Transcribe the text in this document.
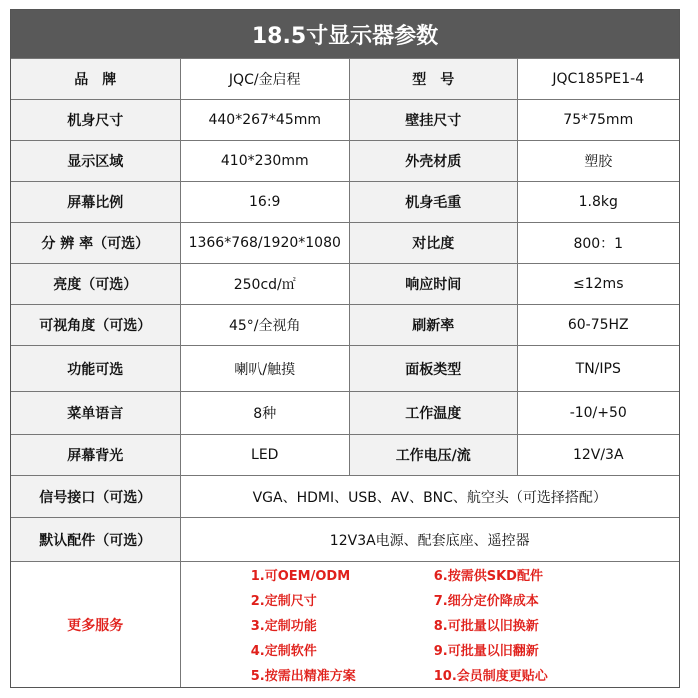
18.5寸显示器参数
品　牌	JQC/金启程	型　号	JQC185PE1-4
机身尺寸	440*267*45mm	壁挂尺寸	75*75mm
显示区域	410*230mm	外壳材质	塑胶
屏幕比例	16:9	机身毛重	1.8kg
分 辨 率（可选）	1366*768/1920*1080	对比度	800：1
亮度（可选）	250cd/㎡	响应时间	≤12ms
可视角度（可选）	45°/全视角	刷新率	60-75HZ
功能可选	喇叭/触摸	面板类型	TN/IPS
菜单语言	8种	工作温度	-10/+50
屏幕背光	LED	工作电压/流	12V/3A
信号接口（可选）	VGA、HDMI、USB、AV、BNC、航空头（可选择搭配）
默认配件（可选）	12V3A电源、配套底座、遥控器
更多服务
1.可OEM/ODM	6.按需供SKD配件
2.定制尺寸	7.细分定价降成本
3.定制功能	8.可批量以旧换新
4.定制软件	9.可批量以旧翻新
5.按需出精准方案	10.会员制度更贴心
